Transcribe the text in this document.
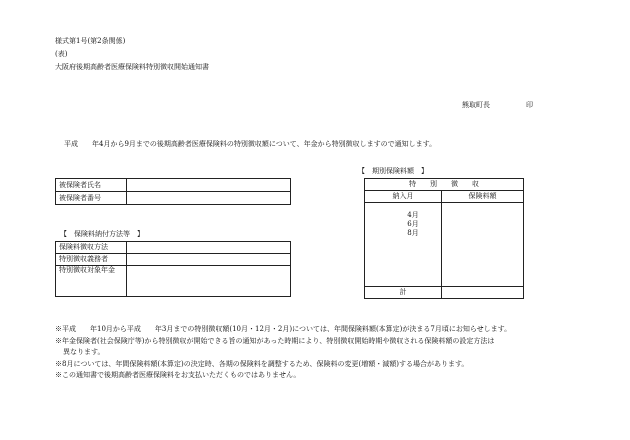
様式第1号(第2条関係)
(表)
大阪府後期高齢者医療保険料特別徴収開始通知書
熊取町長	印
平成　　年4月から9月までの後期高齢者医療保険料の特別徴収額について、年金から特別徴収しますので通知します。
被保険者氏名	
被保険者番号	
【　保険料納付方法等　】
保険料徴収方法	
特別徴収義務者	
特別徴収対象年金	
【　期別保険料額　】
特　　別　　徴　　収	
納入月	保険料額

4月
6月
8月	

計	
※平成　　年10月から平成　　年3月までの特別徴収額(10月・12月・2月)については、年間保険料額(本算定)が決まる7月頃にお知らせします。
※年金保険者(社会保険庁等)から特別徴収が開始できる旨の通知があった時期により、特別徴収開始時期や徴収される保険料額の設定方法は
異なります。
※8月については、年間保険料額(本算定)の決定時、各期の保険料を調整するため、保険料の変更(増額・減額)する場合があります。
※この通知書で後期高齢者医療保険料をお支払いただくものではありません。
